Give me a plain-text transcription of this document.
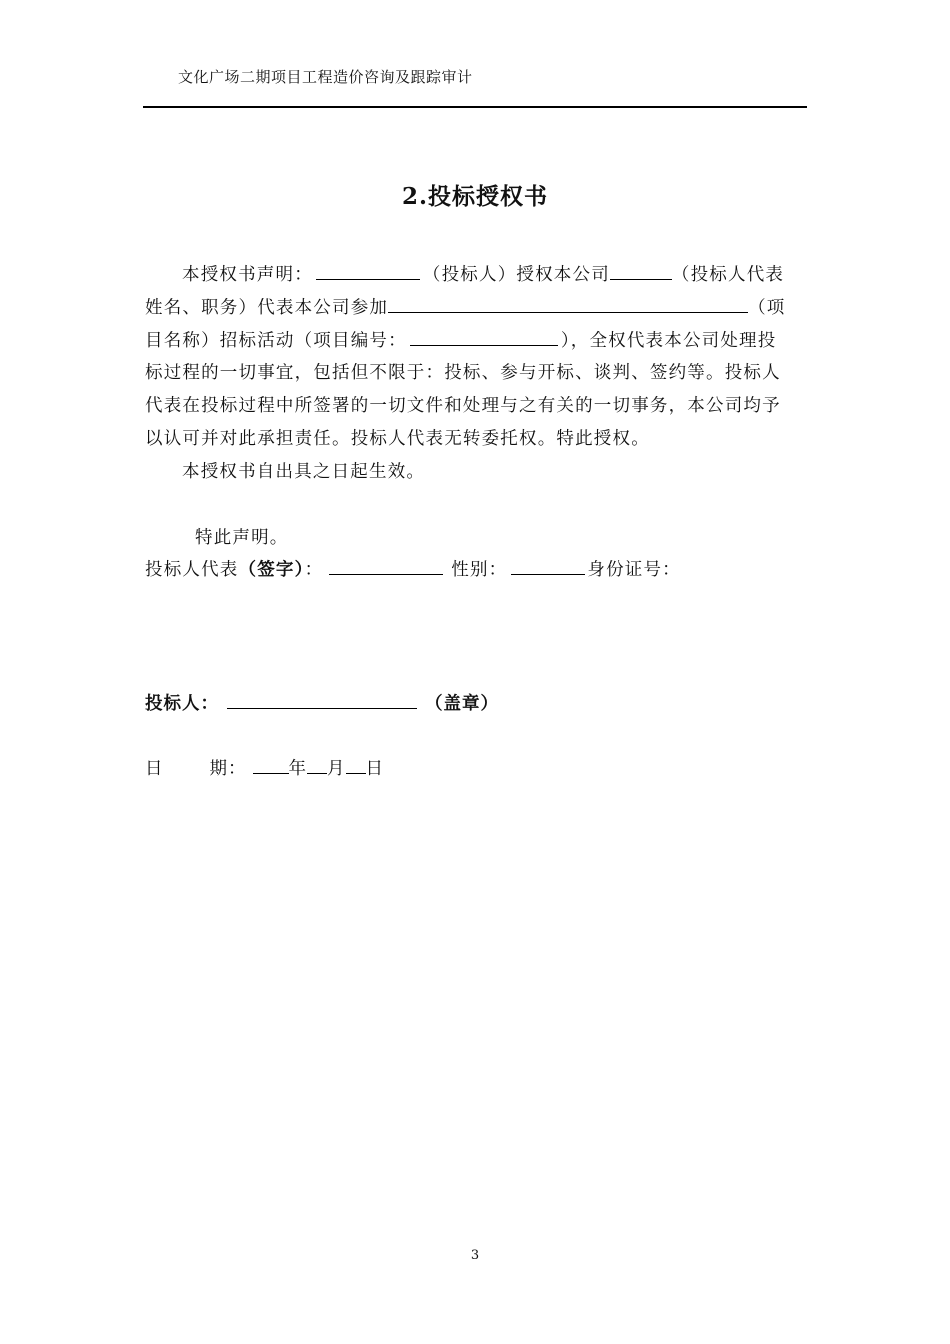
文化广场二期项目工程造价咨询及跟踪审计
2.投标授权书
本授权书声明：	（投标人）授权本公司	（投标人代表
姓名、职务）代表本公司参加	（项
目名称）招标活动（项目编号：	），全权代表本公司处理投
标过程的一切事宜，包括但不限于：投标、参与开标、谈判、签约等。投标人
代表在投标过程中所签署的一切文件和处理与之有关的一切事务，本公司均予
以认可并对此承担责任。投标人代表无转委托权。特此授权。
本授权书自出具之日起生效。
特此声明。
投标人代表（签字）：	性别：	身份证号：
投标人：	（盖章）
日	期： 年 月 日
3
